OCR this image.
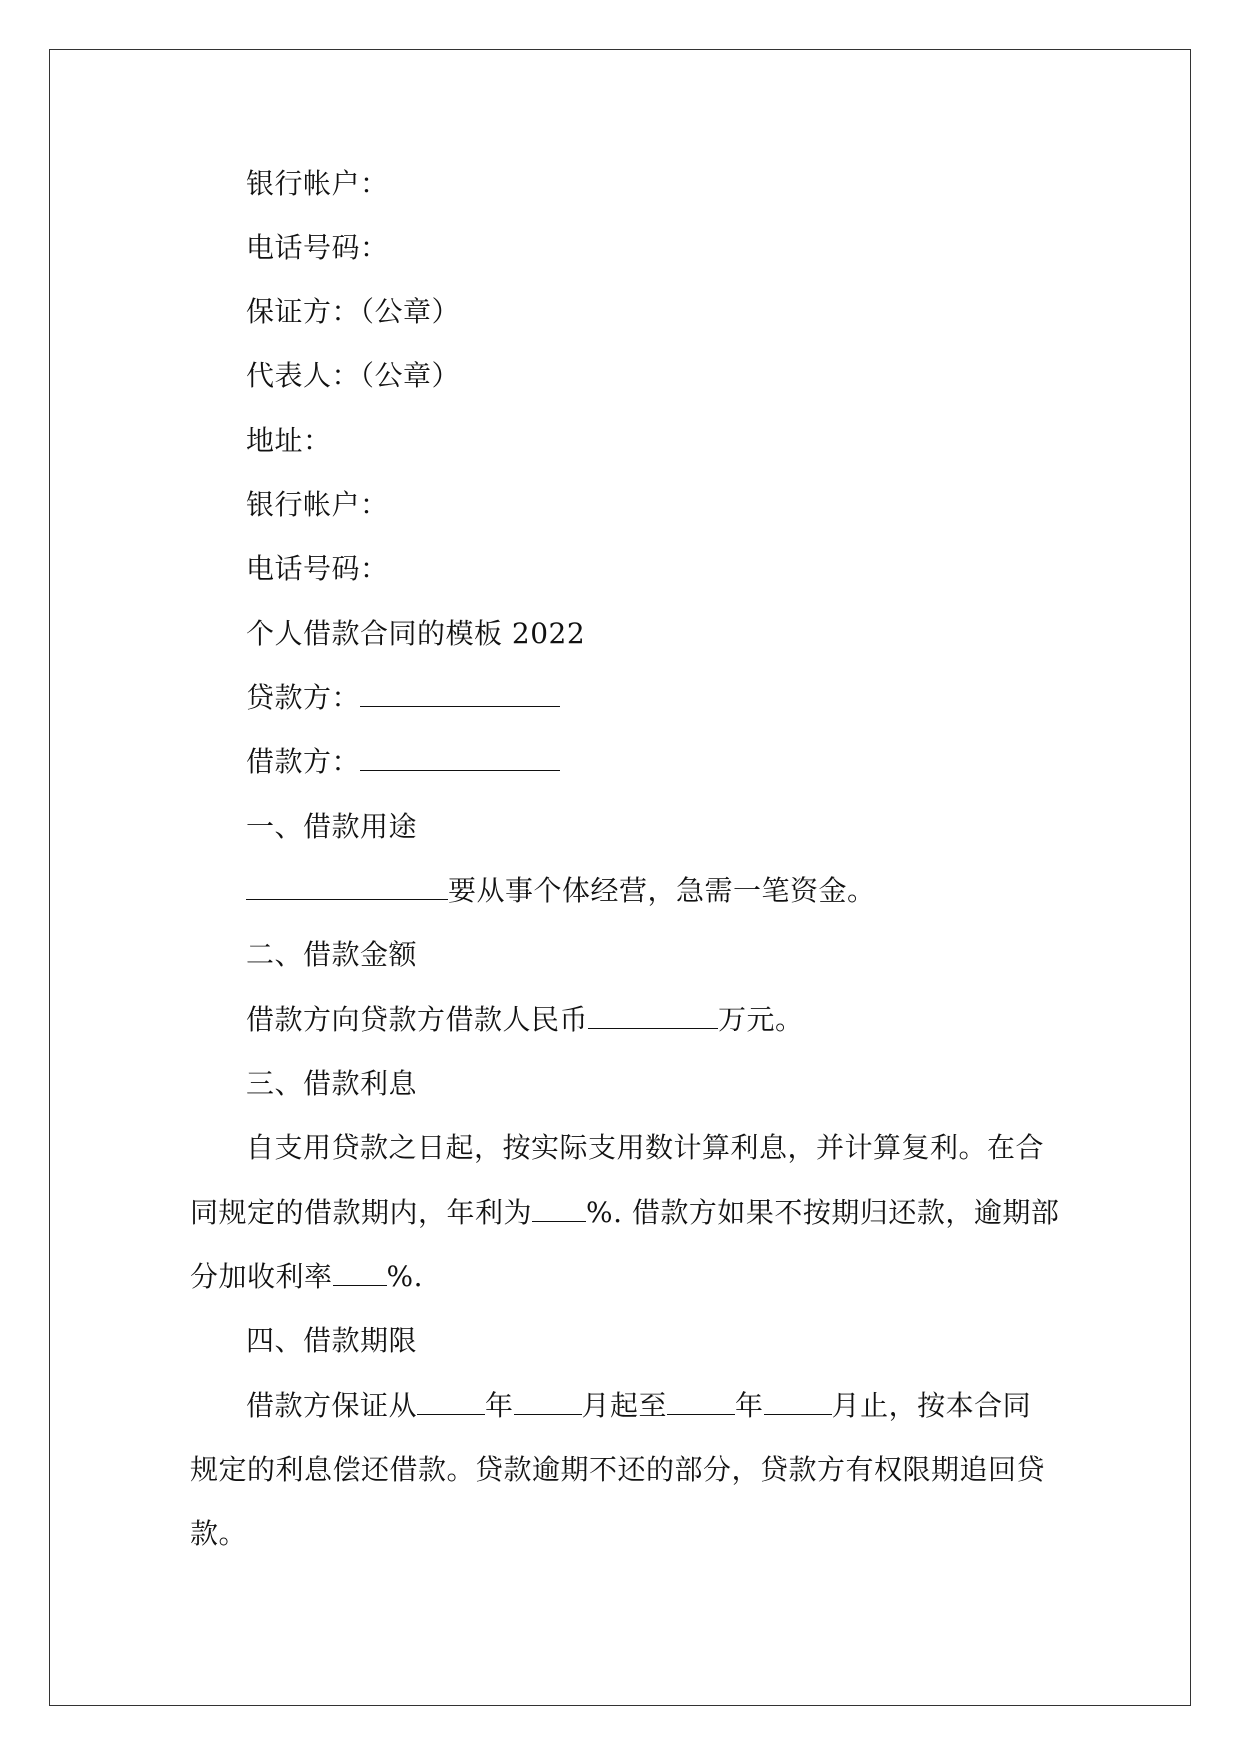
银行帐户：
电话号码：
保证方：（公章）
代表人：（公章）
地址：
银行帐户：
电话号码：
个人借款合同的模板 2022
贷款方：
借款方：
一、借款用途
要从事个体经营，急需一笔资金。
二、借款金额
借款方向贷款方借款人民币	万元。
三、借款利息
自支用贷款之日起，按实际支用数计算利息，并计算复利。在合
同规定的借款期内，年利为 %. 借款方如果不按期归还款，逾期部
分加收利率 %.
四、借款期限
借款方保证从 年 月起至 年 月止，按本合同
规定的利息偿还借款。贷款逾期不还的部分，贷款方有权限期追回贷
款。
